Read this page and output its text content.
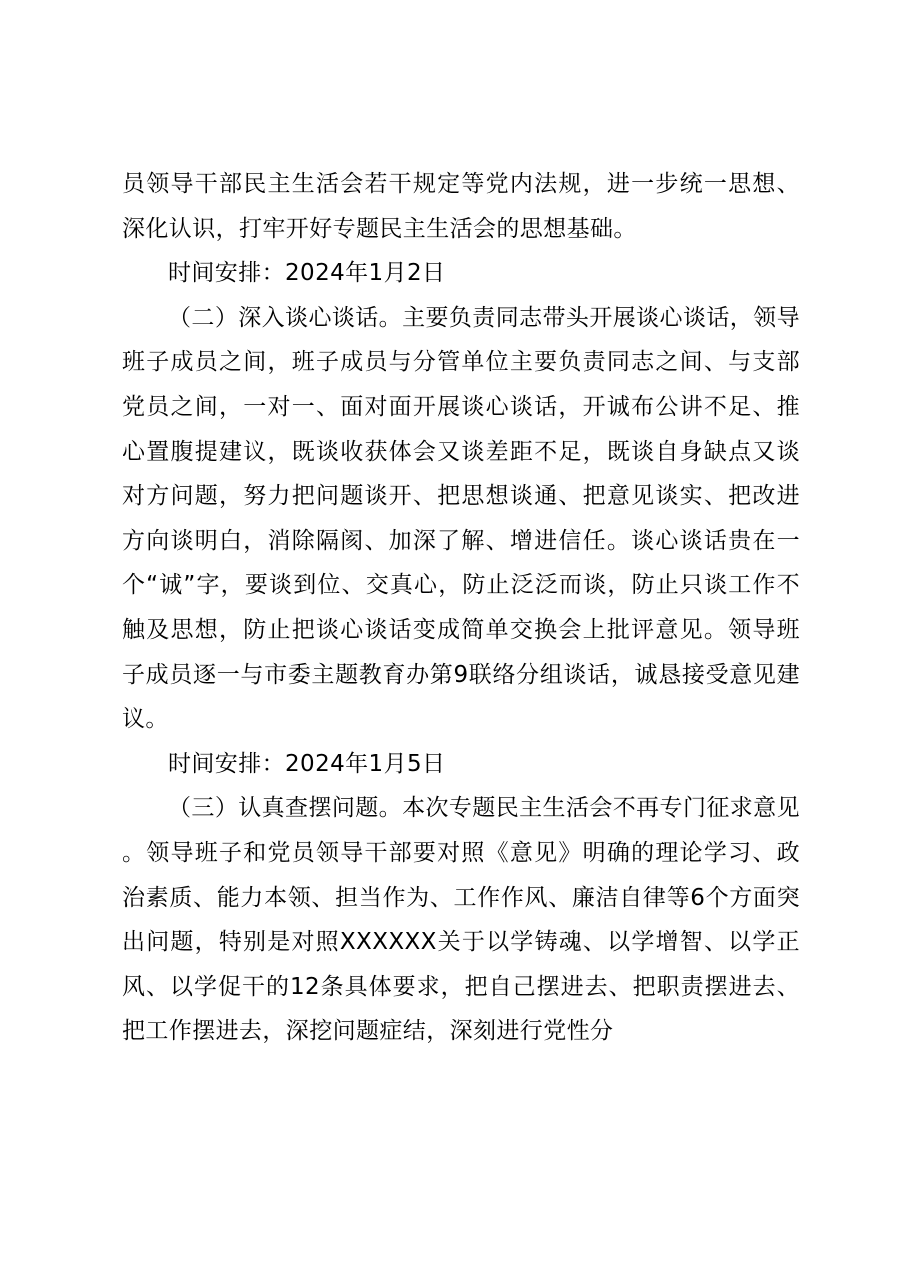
员领导干部民主生活会若干规定等党内法规，进一步统一思想、深化认识，打牢开好专题民主生活会的思想基础。

时间安排：2024年1月2日

（二）深入谈心谈话。主要负责同志带头开展谈心谈话，领导班子成员之间，班子成员与分管单位主要负责同志之间、与支部党员之间，一对一、面对面开展谈心谈话，开诚布公讲不足、推心置腹提建议，既谈收获体会又谈差距不足，既谈自身缺点又谈对方问题，努力把问题谈开、把思想谈通、把意见谈实、把改进方向谈明白，消除隔阂、加深了解、增进信任。谈心谈话贵在一个“诚”字，要谈到位、交真心，防止泛泛而谈，防止只谈工作不触及思想，防止把谈心谈话变成简单交换会上批评意见。领导班子成员逐一与市委主题教育办第9联络分组谈话，诚恳接受意见建议。

时间安排：2024年1月5日

（三）认真查摆问题。本次专题民主生活会不再专门征求意见。领导班子和党员领导干部要对照《意见》明确的理论学习、政治素质、能力本领、担当作为、工作作风、廉洁自律等6个方面突出问题，特别是对照XXXXXX关于以学铸魂、以学增智、以学正风、以学促干的12条具体要求，把自己摆进去、把职责摆进去、把工作摆进去，深挖问题症结，深刻进行党性分
